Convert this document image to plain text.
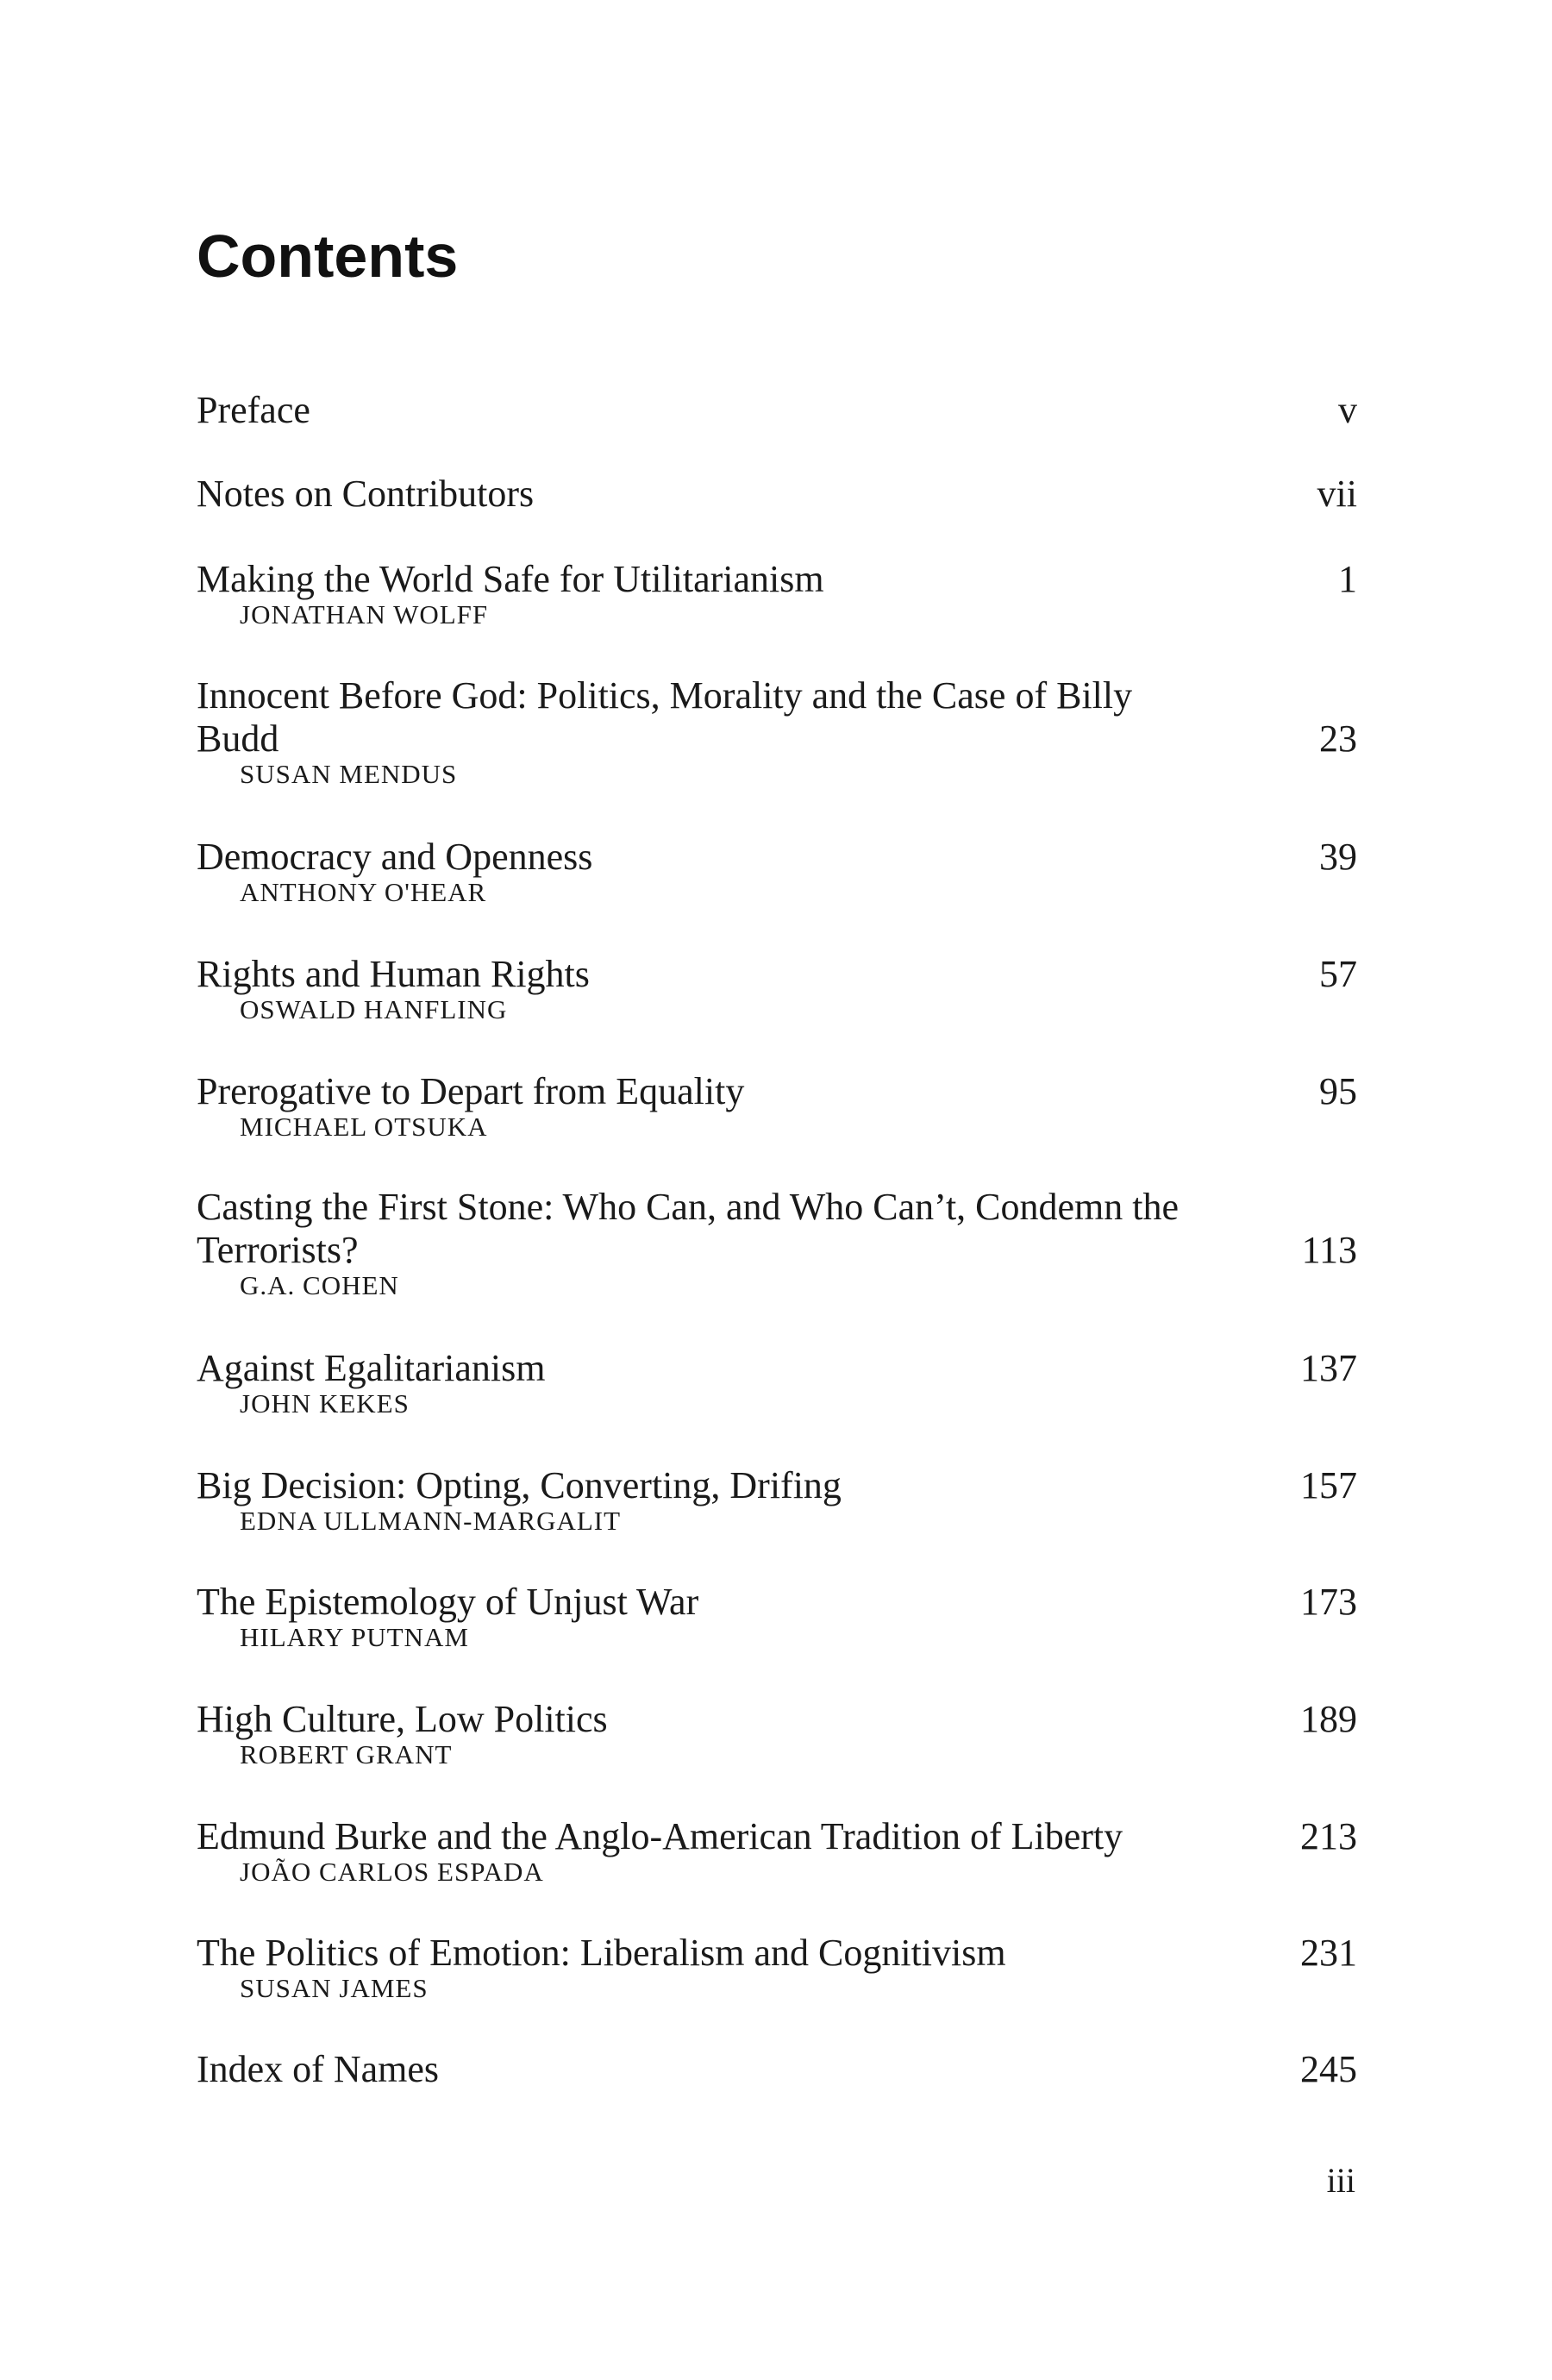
Contents
Preface	v
Notes on Contributors	vii
Making the World Safe for Utilitarianism	1
JONATHAN WOLFF
Innocent Before God: Politics, Morality and the Case of Billy
Budd	23
SUSAN MENDUS
Democracy and Openness	39
ANTHONY O'HEAR
Rights and Human Rights	57
OSWALD HANFLING
Prerogative to Depart from Equality	95
MICHAEL OTSUKA
Casting the First Stone: Who Can, and Who Can’t, Condemn the
Terrorists?	113
G.A. COHEN
Against Egalitarianism	137
JOHN KEKES
Big Decision: Opting, Converting, Drifing	157
EDNA ULLMANN-MARGALIT
The Epistemology of Unjust War	173
HILARY PUTNAM
High Culture, Low Politics	189
ROBERT GRANT
Edmund Burke and the Anglo-American Tradition of Liberty	213
JOÃO CARLOS ESPADA
The Politics of Emotion: Liberalism and Cognitivism	231
SUSAN JAMES
Index of Names	245
iii
